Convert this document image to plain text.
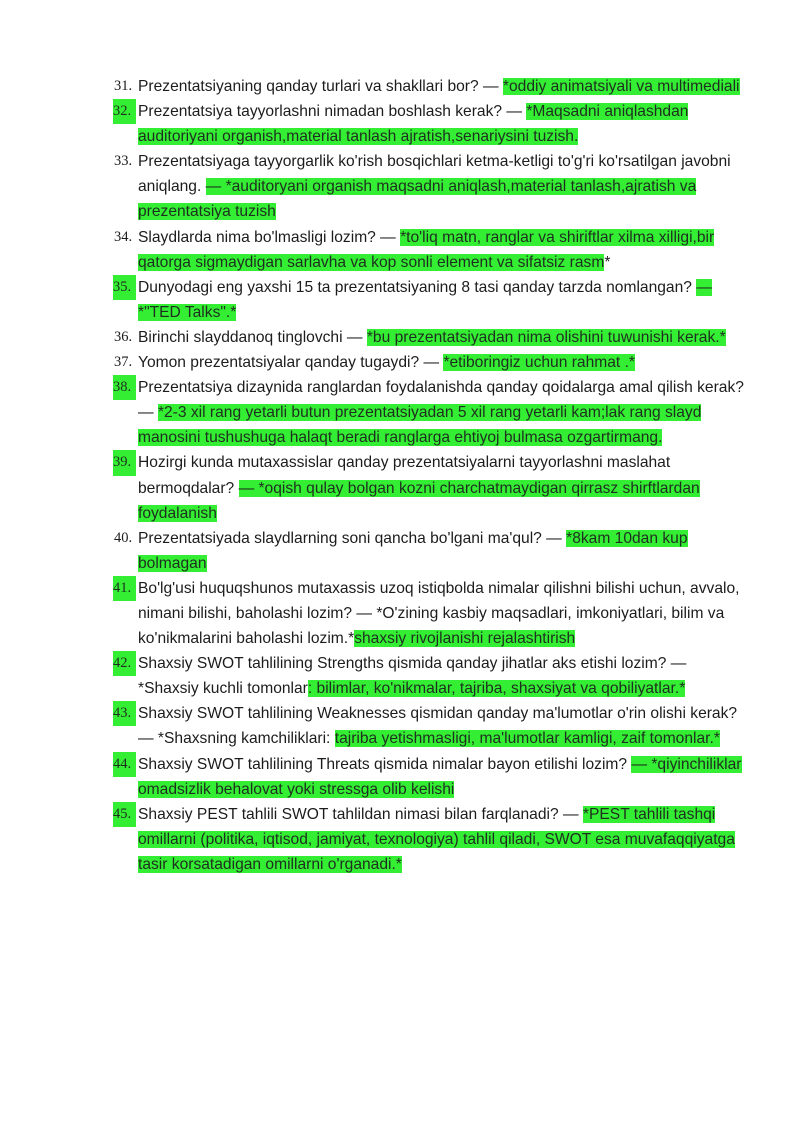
31. Prezentatsiyaning qanday turlari va shakllari bor? — *oddiy animatsiyali va multimediali
32. Prezentatsiya tayyorlashni nimadan boshlash kerak? — *Maqsadni aniqlashdan auditoriyani organish,material tanlash ajratish,senariysini tuzish.
33. Prezentatsiyaga tayyorgarlik ko'rish bosqichlari ketma-ketligi to'g'ri ko'rsatilgan javobni aniqlang. — *auditoryani organish maqsadni aniqlash,material tanlash,ajratish va prezentatsiya tuzish
34. Slaydlarda nima bo'lmasligi lozim? — *to'liq matn, ranglar va shiriftlar xilma xilligi,bir qatorga sigmaydigan sarlavha va kop sonli element va sifatsiz rasm*
35. Dunyodagi eng yaxshi 15 ta prezentatsiyaning 8 tasi qanday tarzda nomlangan? — *"TED Talks".*
36. Birinchi slayddanoq tinglovchi — *bu prezentatsiyadan nima olishini tuwunishi kerak.*
37. Yomon prezentatsiyalar qanday tugaydi? — *etiboringiz uchun rahmat .*
38. Prezentatsiya dizaynida ranglardan foydalanishda qanday qoidalarga amal qilish kerak? — *2-3 xil rang yetarli butun prezentatsiyadan 5 xil rang yetarli kam;lak rang slayd manosini tushushuga halaqt beradi ranglarga ehtiyoj bulmasa ozgartirmang.
39. Hozirgi kunda mutaxassislar qanday prezentatsiyalarni tayyorlashni maslahat bermoqdalar? — *oqish qulay bolgan kozni charchatmaydigan qirrasz shirftlardan foydalanish
40. Prezentatsiyada slaydlarning soni qancha bo'lgani ma'qul? — *8kam 10dan kup bolmagan
41. Bo'lg'usi huquqshunos mutaxassis uzoq istiqbolda nimalar qilishni bilishi uchun, avvalo, nimani bilishi, baholashi lozim? — *O'zining kasbiy maqsadlari, imkoniyatlari, bilim va ko'nikmalarini baholashi lozim.*shaxsiy rivojlanishi rejalashtirish
42. Shaxsiy SWOT tahlilining Strengths qismida qanday jihatlar aks etishi lozim? — *Shaxsiy kuchli tomonlar: bilimlar, ko'nikmalar, tajriba, shaxsiyat va qobiliyatlar.*
43. Shaxsiy SWOT tahlilining Weaknesses qismidan qanday ma'lumotlar o'rin olishi kerak? — *Shaxsning kamchiliklari: tajriba yetishmasligi, ma'lumotlar kamligi, zaif tomonlar.*
44. Shaxsiy SWOT tahlilining Threats qismida nimalar bayon etilishi lozim? — *qiyinchiliklar omadsizlik behalovat yoki stressga olib kelishi
45. Shaxsiy PEST tahlili SWOT tahlildan nimasi bilan farqlanadi? — *PEST tahlili tashqi omillarni (politika, iqtisod, jamiyat, texnologiya) tahlil qiladi, SWOT esa muvafaqqiyatga tasir korsatadigan omillarni o'rganadi.*
